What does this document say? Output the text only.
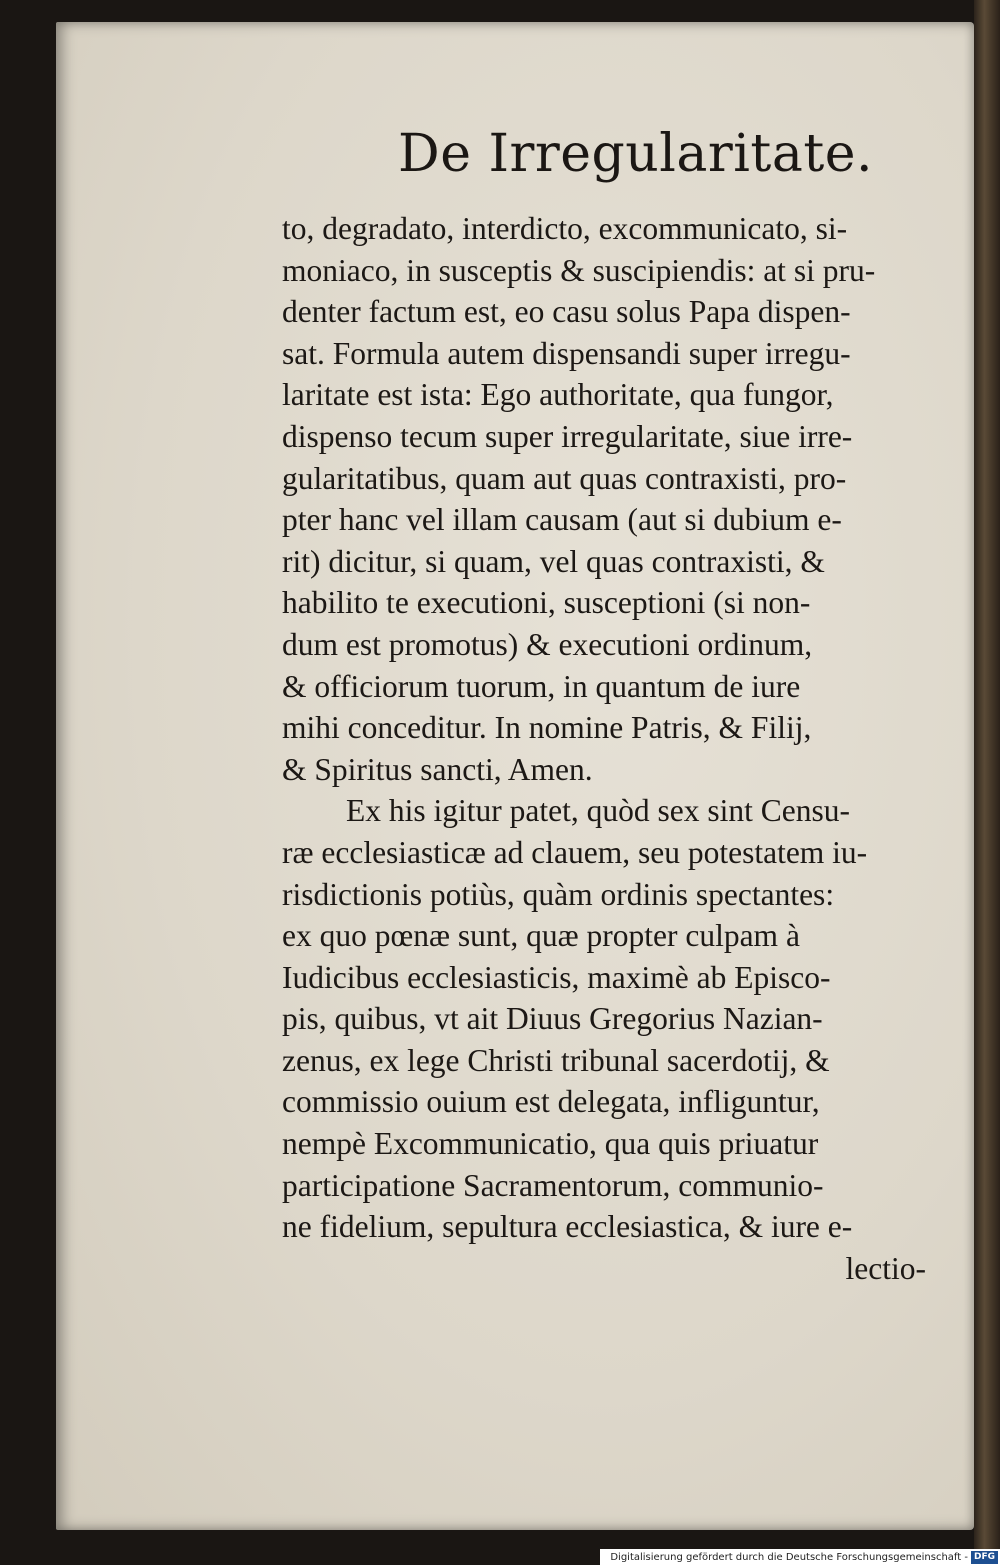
De Irregularitate.
to, degradato, interdicto, excommunicato, si-
moniaco, in susceptis & suscipiendis: at si pru-
denter factum est, eo casu solus Papa dispen-
sat. Formula autem dispensandi super irregu-
laritate est ista: Ego authoritate, qua fungor,
dispenso tecum super irregularitate, siue irre-
gularitatibus, quam aut quas contraxisti, pro-
pter hanc vel illam causam (aut si dubium e-
rit) dicitur, si quam, vel quas contraxisti, &
habilito te executioni, susceptioni (si non-
dum est promotus) & executioni ordinum,
& officiorum tuorum, in quantum de iure
mihi conceditur. In nomine Patris, & Filij,
& Spiritus sancti, Amen.
Ex his igitur patet, quòd sex sint Censu-
ræ ecclesiasticæ ad clauem, seu potestatem iu-
risdictionis potiùs, quàm ordinis spectantes:
ex quo pœnæ sunt, quæ propter culpam à
Iudicibus ecclesiasticis, maximè ab Episco-
pis, quibus, vt ait Diuus Gregorius Nazian-
zenus, ex lege Christi tribunal sacerdotij, &
commissio ouium est delegata, infliguntur,
nempè Excommunicatio, qua quis priuatur
participatione Sacramentorum, communio-
ne fidelium, sepultura ecclesiastica, & iure e-
lectio-
Digitalisierung gefördert durch die Deutsche Forschungsgemeinschaft - DFG
